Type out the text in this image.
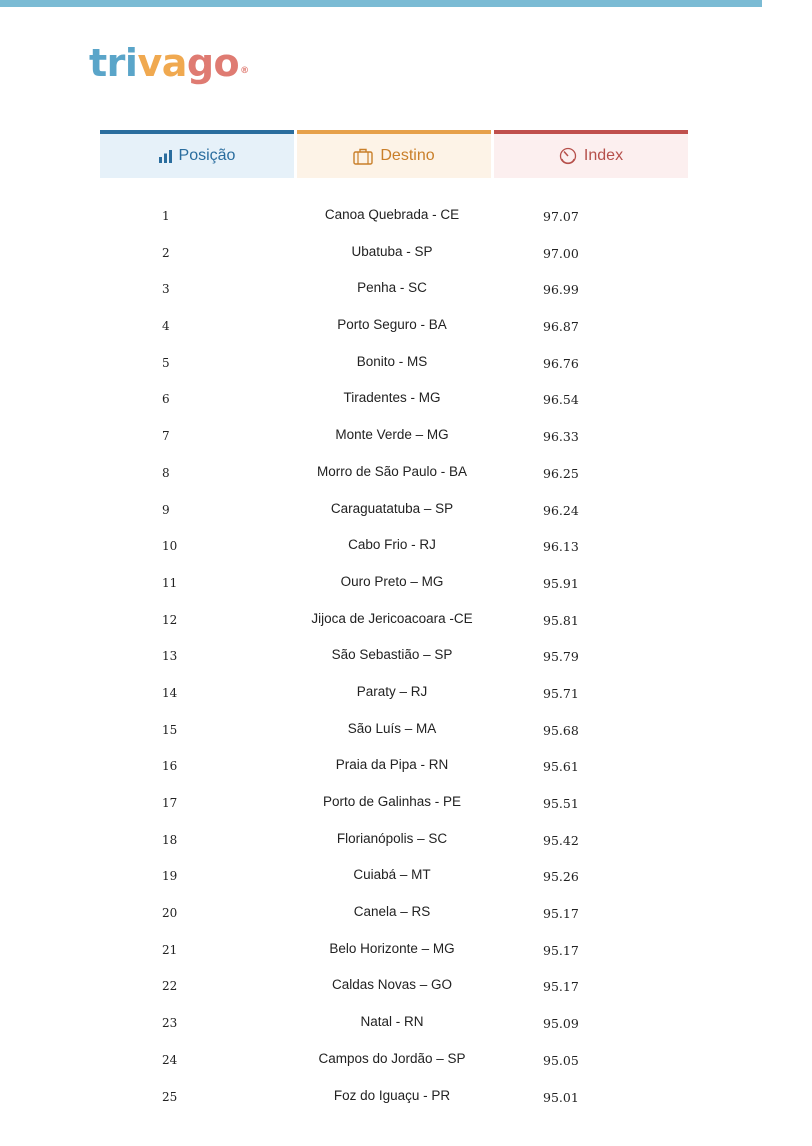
trivago®
Posição	Destino	Index
1	Canoa Quebrada - CE	97.07
2	Ubatuba - SP	97.00
3	Penha - SC	96.99
4	Porto Seguro - BA	96.87
5	Bonito - MS	96.76
6	Tiradentes - MG	96.54
7	Monte Verde – MG	96.33
8	Morro de São Paulo - BA	96.25
9	Caraguatatuba – SP	96.24
10	Cabo Frio - RJ	96.13
11	Ouro Preto – MG	95.91
12	Jijoca de Jericoacoara -CE	95.81
13	São Sebastião – SP	95.79
14	Paraty – RJ	95.71
15	São Luís – MA	95.68
16	Praia da Pipa - RN	95.61
17	Porto de Galinhas - PE	95.51
18	Florianópolis – SC	95.42
19	Cuiabá – MT	95.26
20	Canela – RS	95.17
21	Belo Horizonte – MG	95.17
22	Caldas Novas – GO	95.17
23	Natal - RN	95.09
24	Campos do Jordão – SP	95.05
25	Foz do Iguaçu - PR	95.01
